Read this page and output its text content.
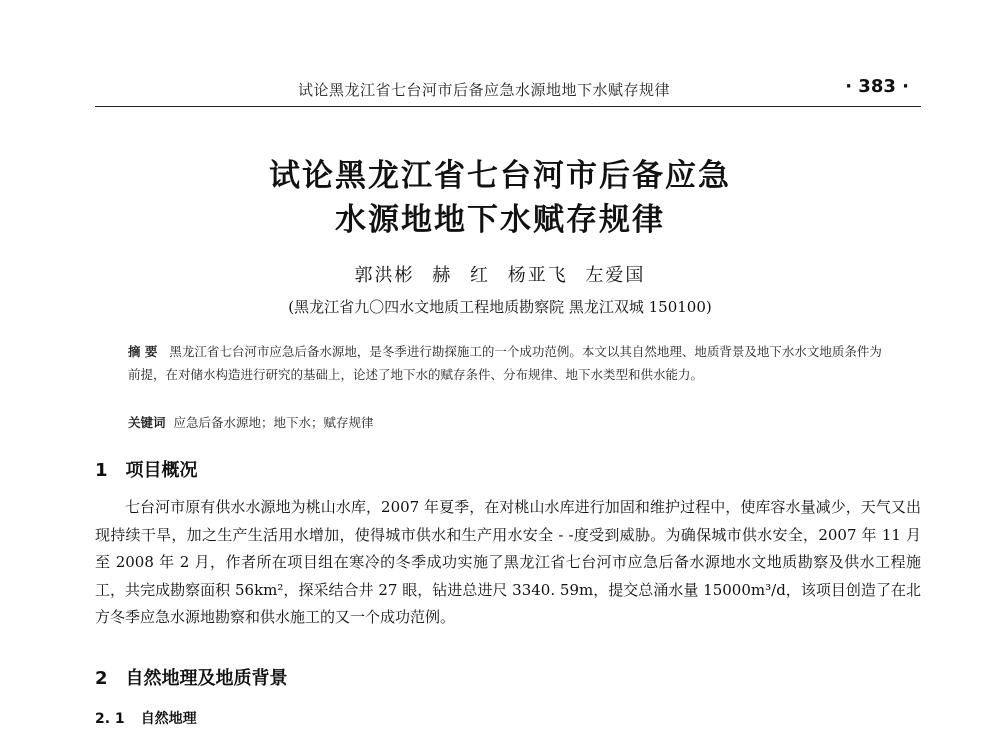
试论黑龙江省七台河市后备应急水源地地下水赋存规律	· 383 ·
试论黑龙江省七台河市后备应急
水源地地下水赋存规律
郭洪彬 赫 红 杨亚飞 左爱国
(黑龙江省九〇四水文地质工程地质勘察院 黑龙江双城 150100)
摘 要 黑龙江省七台河市应急后备水源地，是冬季进行勘探施工的一个成功范例。本文以其自然地理、地质背景及地下水水文地质条件为前提，在对储水构造进行研究的基础上，论述了地下水的赋存条件、分布规律、地下水类型和供水能力。
关键词 应急后备水源地；地下水；赋存规律
1 项目概况

七台河市原有供水水源地为桃山水库，2007 年夏季，在对桃山水库进行加固和维护过程中，使库容水量减少，天气又出现持续干旱，加之生产生活用水增加，使得城市供水和生产用水安全 - -度受到威胁。为确保城市供水安全，2007 年 11 月至 2008 年 2 月，作者所在项目组在寒冷的冬季成功实施了黑龙江省七台河市应急后备水源地水文地质勘察及供水工程施工，共完成勘察面积 56km²，探采结合井 27 眼，钻进总进尺 3340. 59m，提交总涌水量 15000m³/d，该项目创造了在北方冬季应急水源地勘察和供水施工的又一个成功范例。

2 自然地理及地质背景
2. 1 自然地理
